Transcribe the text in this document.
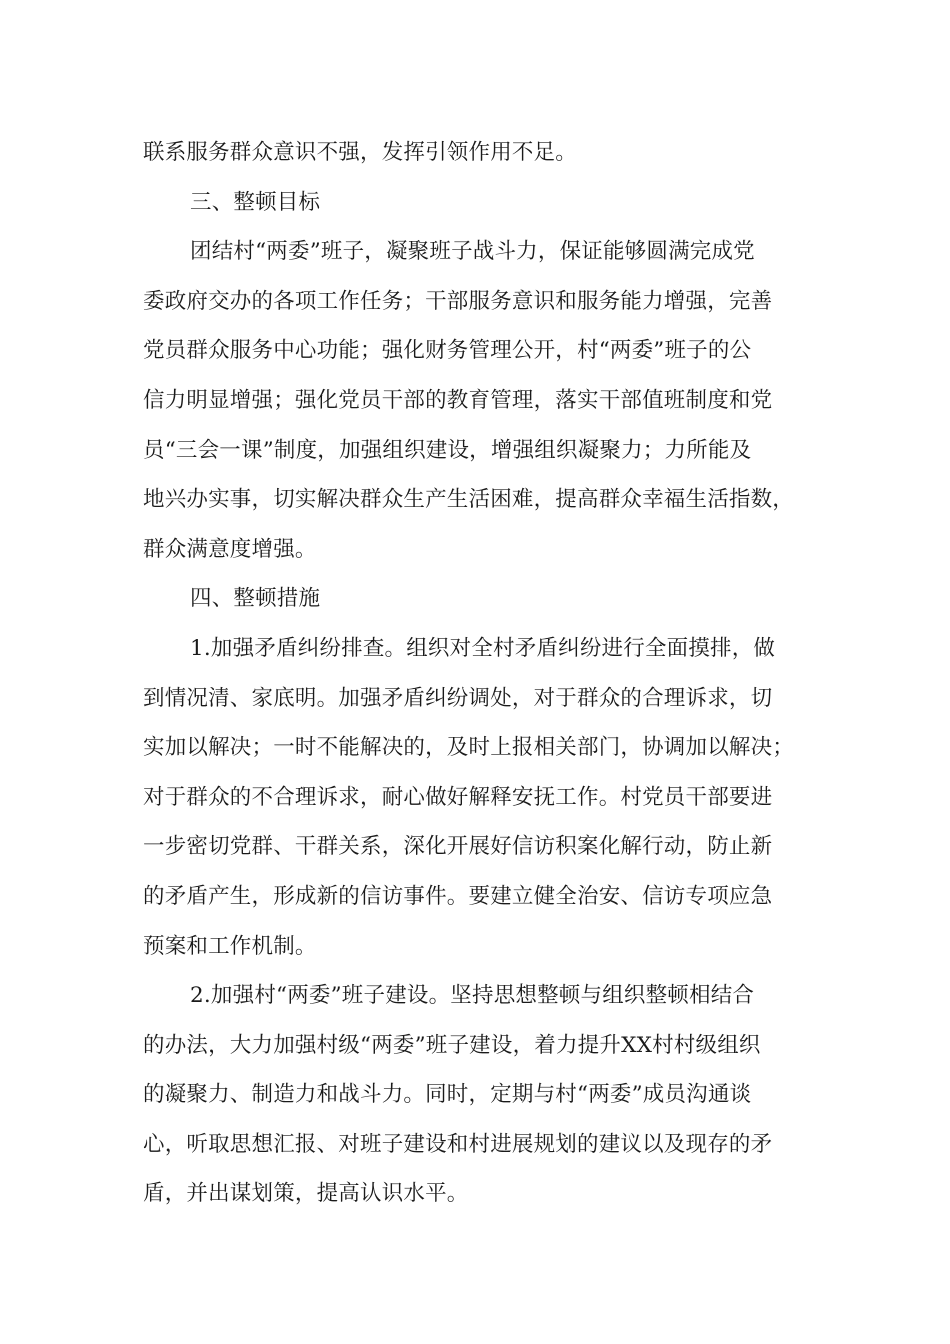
联系服务群众意识不强，发挥引领作用不足。
三、整顿目标
团结村“两委”班子，凝聚班子战斗力，保证能够圆满完成党
委政府交办的各项工作任务；干部服务意识和服务能力增强，完善
党员群众服务中心功能；强化财务管理公开，村“两委”班子的公
信力明显增强；强化党员干部的教育管理，落实干部值班制度和党
员“三会一课”制度，加强组织建设，增强组织凝聚力；力所能及
地兴办实事，切实解决群众生产生活困难，提高群众幸福生活指数，
群众满意度增强。
四、整顿措施
1.加强矛盾纠纷排查。组织对全村矛盾纠纷进行全面摸排，做
到情况清、家底明。加强矛盾纠纷调处，对于群众的合理诉求，切
实加以解决；一时不能解决的，及时上报相关部门，协调加以解决；
对于群众的不合理诉求，耐心做好解释安抚工作。村党员干部要进
一步密切党群、干群关系，深化开展好信访积案化解行动，防止新
的矛盾产生，形成新的信访事件。要建立健全治安、信访专项应急
预案和工作机制。
2.加强村“两委”班子建设。坚持思想整顿与组织整顿相结合
的办法，大力加强村级“两委”班子建设，着力提升XX村村级组织
的凝聚力、制造力和战斗力。同时，定期与村“两委”成员沟通谈
心，听取思想汇报、对班子建设和村进展规划的建议以及现存的矛
盾，并出谋划策，提高认识水平。
